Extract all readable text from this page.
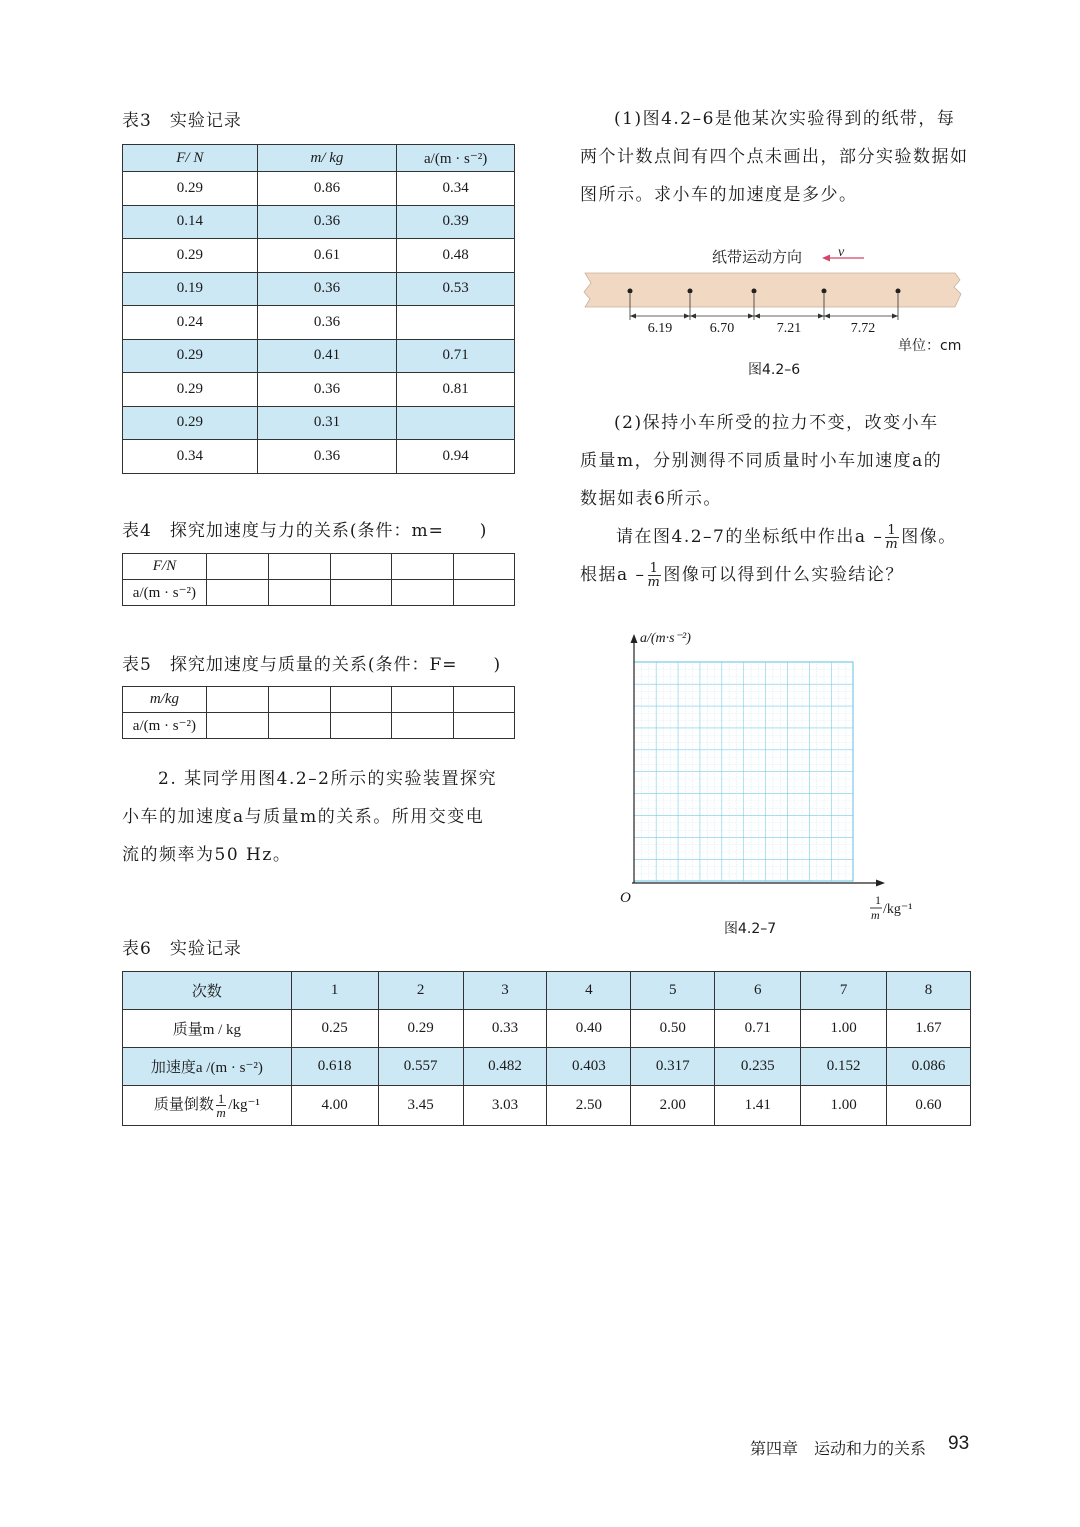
表3　实验记录
F/ N	m/ kg	a/(m · s⁻²)
0.29	0.86	0.34
0.14	0.36	0.39
0.29	0.61	0.48
0.19	0.36	0.53
0.24	0.36	
0.29	0.41	0.71
0.29	0.36	0.81
0.29	0.31	
0.34	0.36	0.94
表4　探究加速度与力的关系(条件：m=　　)
F/N					
a/(m · s⁻²)					
表5　探究加速度与质量的关系(条件：F=　　)
m/kg					
a/(m · s⁻²)					
2. 某同学用图4.2–2所示的实验装置探究
小车的加速度a与质量m的关系。所用交变电
流的频率为50 Hz。
(1)图4.2–6是他某次实验得到的纸带，每
两个计数点间有四个点未画出，部分实验数据如
图所示。求小车的加速度是多少。
纸带运动方向	v
6.19	6.70	7.21	7.72
单位：cm
图4.2–6
(2)保持小车所受的拉力不变，改变小车
质量m，分别测得不同质量时小车加速度a的
数据如表6所示。
请在图4.2–7的坐标纸中作出a – $\frac{1}{m}$ 图像。
根据a – $\frac{1}{m}$ 图像可以得到什么实验结论？
a/(m·s⁻²)
O	1
m /kg⁻¹
图4.2–7
表6　实验记录
次数	1	2	3	4	5	6	7	8
质量m / kg	0.25	0.29	0.33	0.40	0.50	0.71	1.00	1.67
加速度a /(m · s⁻²)	0.618	0.557	0.482	0.403	0.317	0.235	0.152	0.086
质量倒数 $\frac{1}{m} /kg^{-1}$	4.00	3.45	3.03	2.50	2.00	1.41	1.00	0.60
第四章　运动和力的关系 93
